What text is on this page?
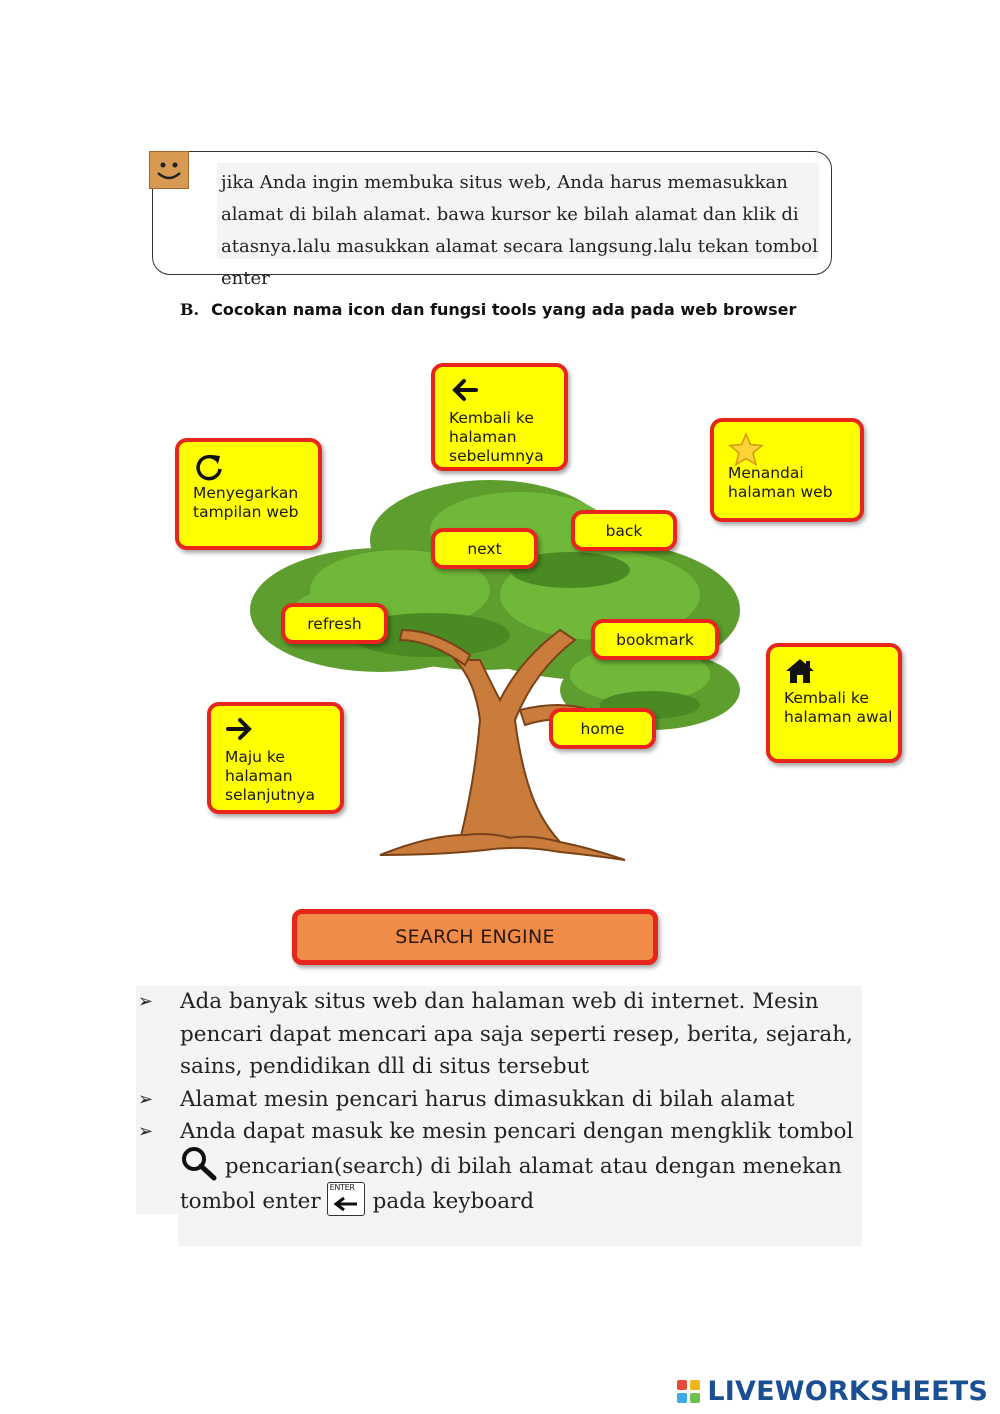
jika Anda ingin membuka situs web, Anda harus memasukkan alamat di bilah alamat. bawa kursor ke bilah alamat dan klik di atasnya.lalu masukkan alamat secara langsung.lalu tekan tombol enter

B. Cocokan nama icon dan fungsi tools yang ada pada web browser

Kembali ke halaman sebelumnya
Menyegarkan tampilan web
Menandai halaman web
Kembali ke halaman awal
Maju ke halaman selanjutnya
next
back
refresh
bookmark
home
SEARCH ENGINE
➢ Ada banyak situs web dan halaman web di internet. Mesin pencari dapat mencari apa saja seperti resep, berita, sejarah, sains, pendidikan dll di situs tersebut
➢ Alamat mesin pencari harus dimasukkan di bilah alamat
➢ Anda dapat masuk ke mesin pencari dengan mengklik tombol pencarian(search) di bilah alamat atau dengan menekan tombol enter
ENTER
pada keyboard
LIVEWORKSHEETS
